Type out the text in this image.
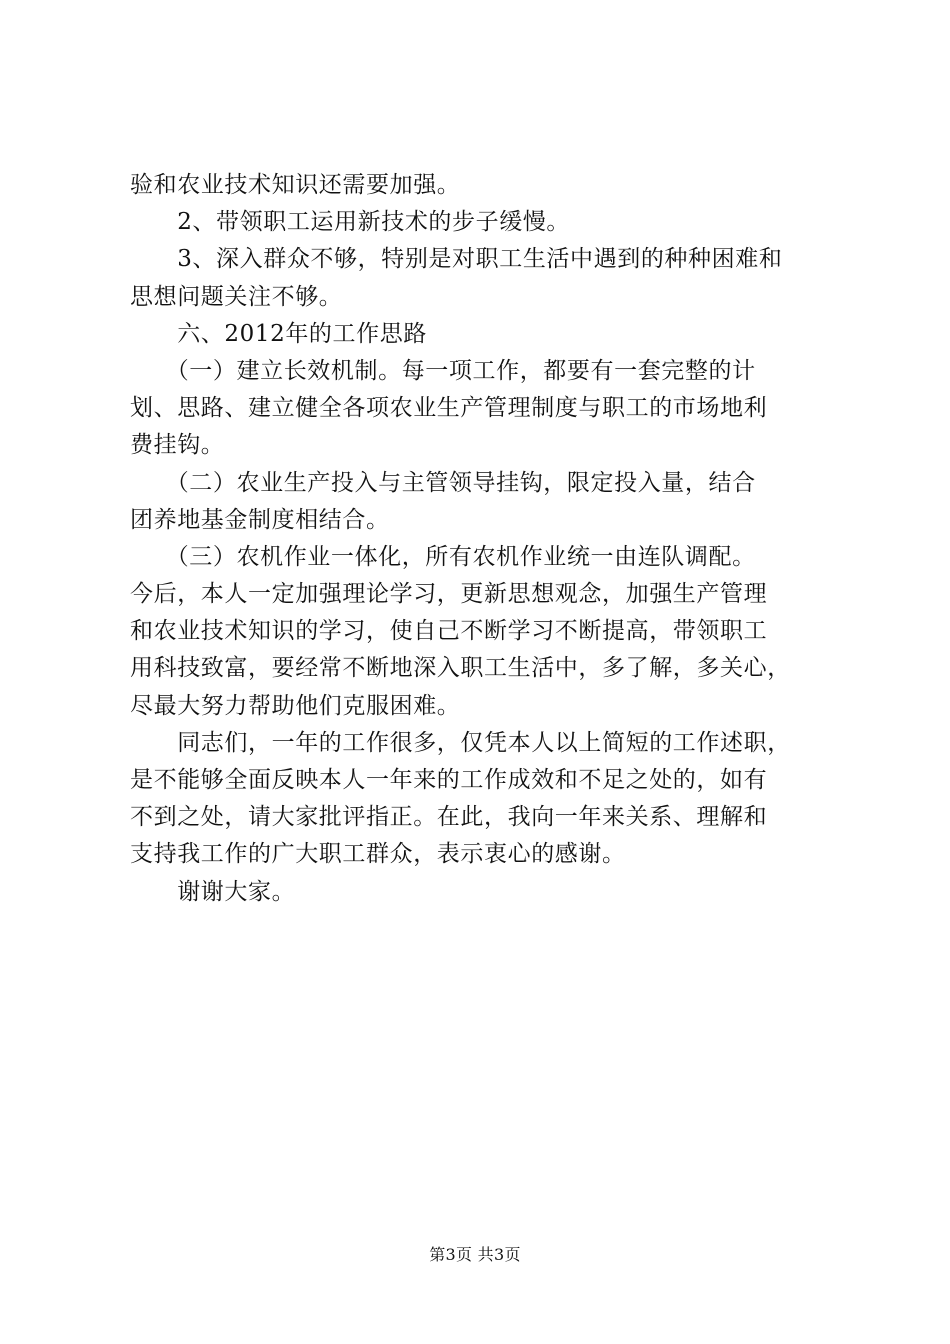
验和农业技术知识还需要加强。
　　2、带领职工运用新技术的步子缓慢。
　　3、深入群众不够，特别是对职工生活中遇到的种种困难和
思想问题关注不够。
　　六、2012年的工作思路
　　（一）建立长效机制。每一项工作，都要有一套完整的计
划、思路、建立健全各项农业生产管理制度与职工的市场地利
费挂钩。
　　（二）农业生产投入与主管领导挂钩，限定投入量，结合
团养地基金制度相结合。
　　（三）农机作业一体化，所有农机作业统一由连队调配。
今后，本人一定加强理论学习，更新思想观念，加强生产管理
和农业技术知识的学习，使自己不断学习不断提高，带领职工
用科技致富，要经常不断地深入职工生活中，多了解，多关心，
尽最大努力帮助他们克服困难。
　　同志们，一年的工作很多，仅凭本人以上简短的工作述职，
是不能够全面反映本人一年来的工作成效和不足之处的，如有
不到之处，请大家批评指正。在此，我向一年来关系、理解和
支持我工作的广大职工群众，表示衷心的感谢。
　　谢谢大家。
第3页 共3页
